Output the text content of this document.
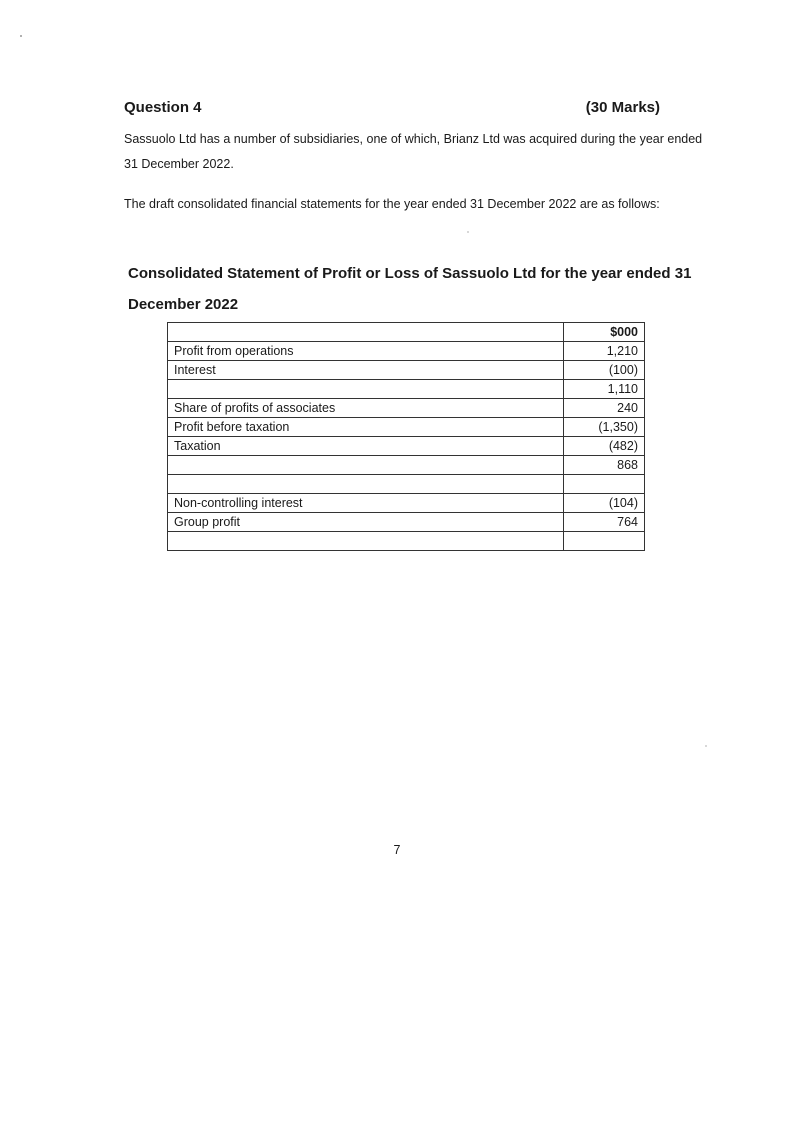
Question 4	(30 Marks)

Sassuolo Ltd has a number of subsidiaries, one of which, Brianz Ltd was acquired during the year ended 31 December 2022.

The draft consolidated financial statements for the year ended 31 December 2022 are as follows:

Consolidated Statement of Profit or Loss of Sassuolo Ltd for the year ended 31 December 2022
	$000
Profit from operations	1,210
Interest	(100)
	1,110
Share of profits of associates	240
Profit before taxation	(1,350)
Taxation	(482)
	868

Non-controlling interest	(104)
Group profit	764

7
